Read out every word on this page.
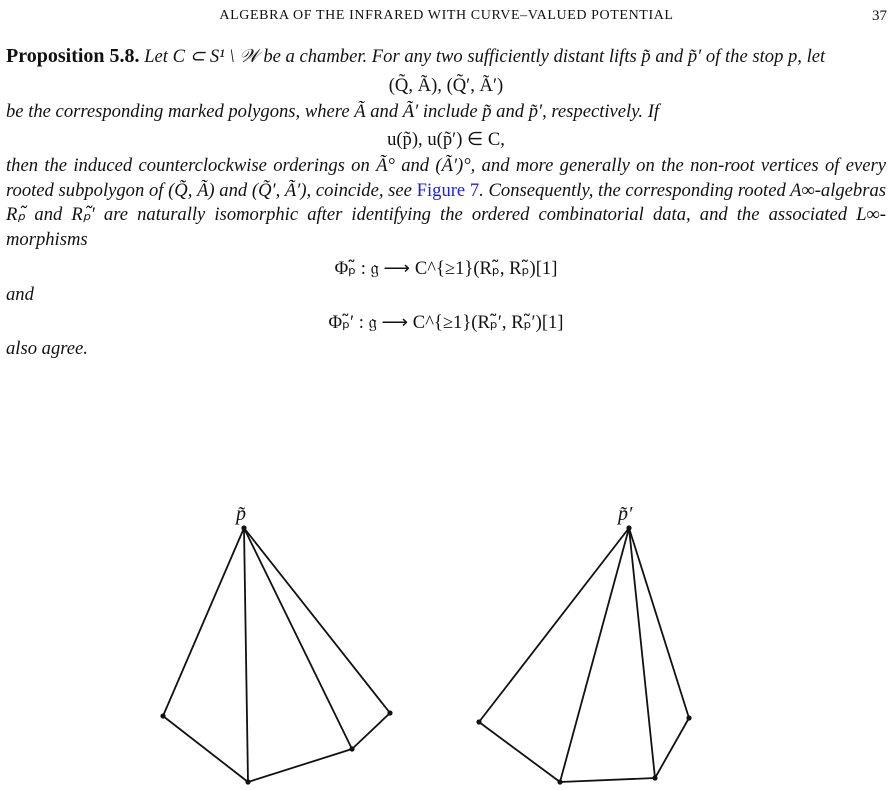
ALGEBRA OF THE INFRARED WITH CURVE–VALUED POTENTIAL	37

Proposition 5.8. Let C ⊂ S¹ \ 𝒲 be a chamber. For any two sufficiently distant lifts p̃ and p̃′ of the stop p, let

(Q̃, Ã), (Q̃′, Ã′)

be the corresponding marked polygons, where Ã and Ã′ include p̃ and p̃′, respectively. If

u(p̃), u(p̃′) ∈ C,

then the induced counterclockwise orderings on Ã° and (Ã′)°, and more generally on the non-root vertices of every rooted subpolygon of (Q̃, Ã) and (Q̃′, Ã′), coincide, see Figure 7. Consequently, the corresponding rooted A∞-algebras Rₚ̃ and Rₚ̃′ are naturally isomorphic after identifying the ordered combinatorial data, and the associated L∞-morphisms

Φₚ̃ : 𝔤 ⟶ C^{≥1}(Rₚ̃, Rₚ̃)[1]

and

Φₚ̃′ : 𝔤 ⟶ C^{≥1}(Rₚ̃′, Rₚ̃′)[1]

also agree.

p̃	p̃′
